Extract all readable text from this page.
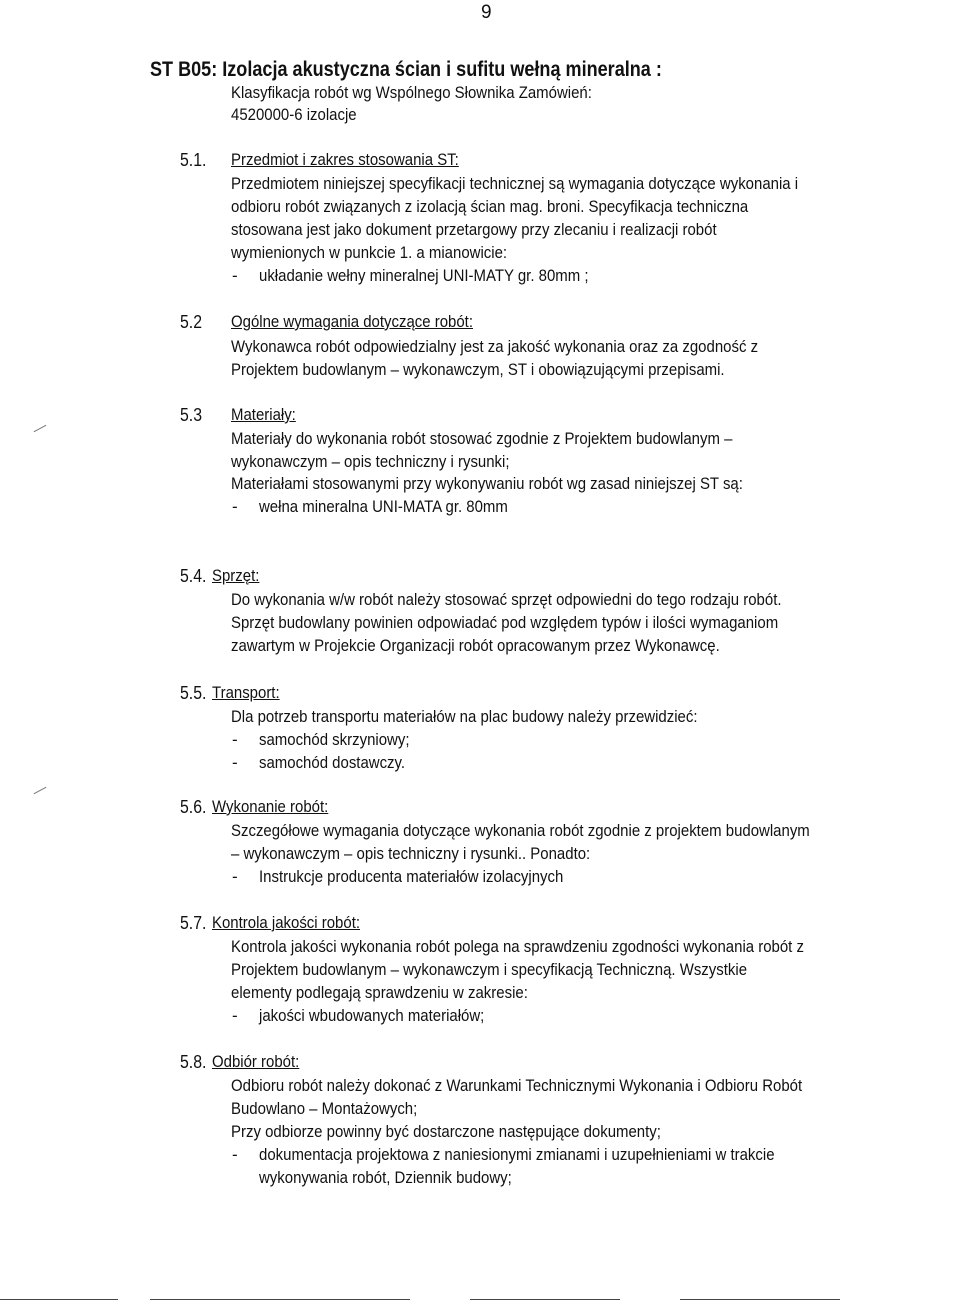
9
ST B05: Izolacja akustyczna ścian i sufitu wełną mineralna :
Klasyfikacja robót wg Wspólnego Słownika Zamówień:
4520000-6 izolacje
5.1. Przedmiot i zakres stosowania ST:
Przedmiotem niniejszej specyfikacji technicznej są wymagania dotyczące wykonania i
odbioru robót związanych z izolacją ścian mag. broni. Specyfikacja techniczna
stosowana jest jako dokument przetargowy przy zlecaniu i realizacji robót
wymienionych w punkcie 1. a mianowicie:
- układanie wełny mineralnej UNI-MATY gr. 80mm ;
5.2 Ogólne wymagania dotyczące robót:
Wykonawca robót odpowiedzialny jest za jakość wykonania oraz za zgodność z
Projektem budowlanym – wykonawczym, ST i obowiązującymi przepisami.
5.3 Materiały:
Materiały do wykonania robót stosować zgodnie z Projektem budowlanym –
wykonawczym – opis techniczny i rysunki;
Materiałami stosowanymi przy wykonywaniu robót wg zasad niniejszej ST są:
- wełna mineralna UNI-MATA gr. 80mm
5.4. Sprzęt:
Do wykonania w/w robót należy stosować sprzęt odpowiedni do tego rodzaju robót.
Sprzęt budowlany powinien odpowiadać pod względem typów i ilości wymaganiom
zawartym w Projekcie Organizacji robót opracowanym przez Wykonawcę.
5.5. Transport:
Dla potrzeb transportu materiałów na plac budowy należy przewidzieć:
- samochód skrzyniowy;
- samochód dostawczy.
5.6. Wykonanie robót:
Szczegółowe wymagania dotyczące wykonania robót zgodnie z projektem budowlanym
– wykonawczym – opis techniczny i rysunki.. Ponadto:
- Instrukcje producenta materiałów izolacyjnych
5.7. Kontrola jakości robót:
Kontrola jakości wykonania robót polega na sprawdzeniu zgodności wykonania robót z
Projektem budowlanym – wykonawczym i specyfikacją Techniczną. Wszystkie
elementy podlegają sprawdzeniu w zakresie:
- jakości wbudowanych materiałów;
5.8. Odbiór robót:
Odbioru robót należy dokonać z Warunkami Technicznymi Wykonania i Odbioru Robót
Budowlano – Montażowych;
Przy odbiorze powinny być dostarczone następujące dokumenty;
- dokumentacja projektowa z naniesionymi zmianami i uzupełnieniami w trakcie
wykonywania robót, Dziennik budowy;
